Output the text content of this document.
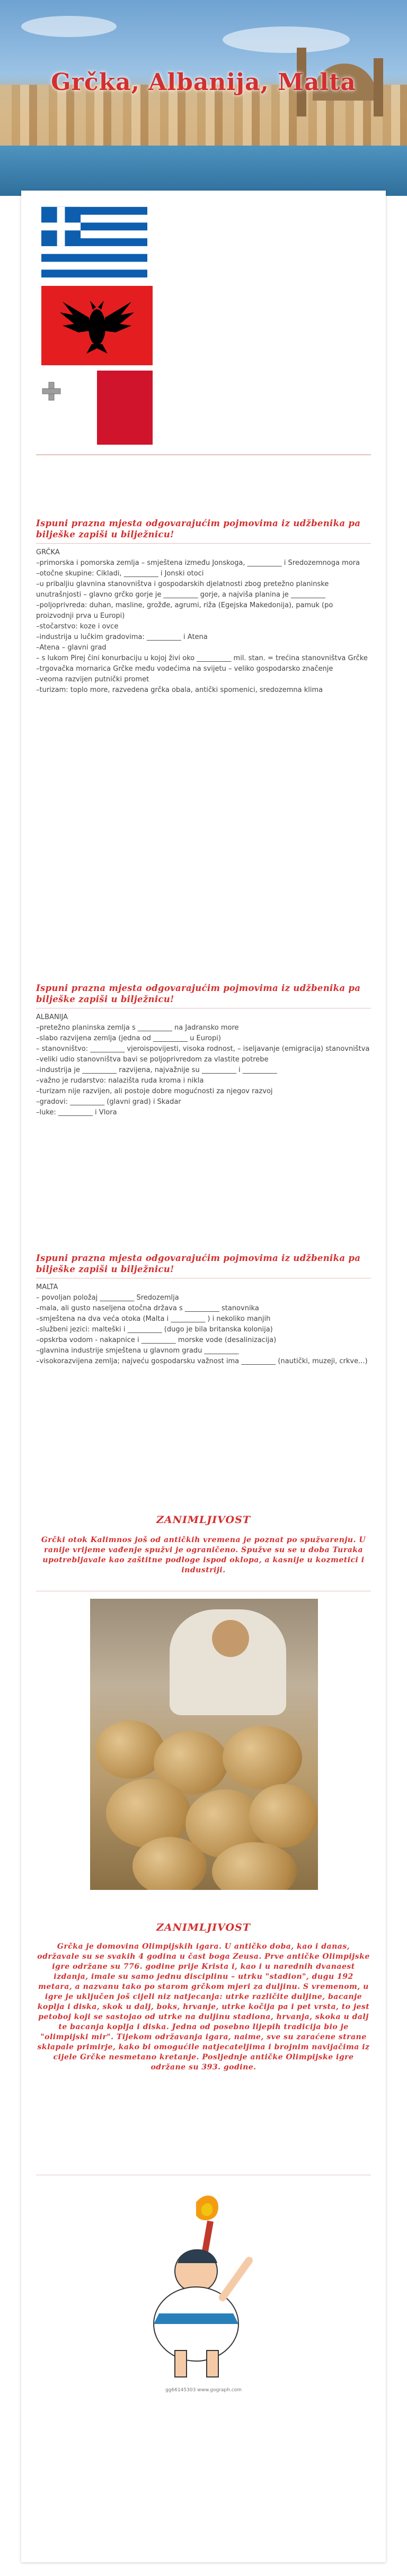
Grčka, Albanija, Malta
Ispuni prazna mjesta odgovarajućim pojmovima iz udžbenika pa bilješke zapiši u bilježnicu!

GRČKA

–primorska i pomorska zemlja – smještena između Jonskoga, __________ i Sredozemnoga mora

–otočne skupine: Cikladi, __________ i Jonski otoci

–u pribaljiu glavnina stanovništva i gospodarskih djelatnosti zbog pretežno planinske unutrašnjosti – glavno grčko gorje je __________ gorje, a najviša planina je __________

–poljoprivreda: duhan, masline, grožđe, agrumi, riža (Egejska Makedonija), pamuk (po proizvodnji prva u Europi)

–stočarstvo: koze i ovce

–industrija u lučkim gradovima: __________ i Atena

–Atena – glavni grad

– s lukom Pirej čini konurbaciju u kojoj živi oko __________ mil. stan. = trećina stanovništva Grčke

–trgovačka mornarica Grčke među vodećima na svijetu – veliko gospodarsko značenje

–veoma razvijen putnički promet

–turizam: toplo more, razvedena grčka obala, antički spomenici, sredozemna klima

Ispuni prazna mjesta odgovarajućim pojmovima iz udžbenika pa bilješke zapiši u bilježnicu!

ALBANIJA

–pretežno planinska zemlja s __________ na Jadransko more

–slabo razvijena zemlja (jedna od __________ u Europi)

– stanovništvo: __________ vjeroispovijesti, visoka rodnost, – iseljavanje (emigracija) stanovništva

–veliki udio stanovništva bavi se poljoprivredom za vlastite potrebe

–industrija je __________ razvijena, najvažnije su __________ i __________

–važno je rudarstvo: nalazišta ruda kroma i nikla

–turizam nije razvijen, ali postoje dobre mogućnosti za njegov razvoj

–gradovi: __________ (glavni grad) i Skadar

–luke: __________ i Vlora

Ispuni prazna mjesta odgovarajućim pojmovima iz udžbenika pa bilješke zapiši u bilježnicu!

MALTA

– povoljan položaj __________ Sredozemlja

–mala, ali gusto naseljena otočna država s __________ stanovnika

–smještena na dva veća otoka (Malta i __________ ) i nekoliko manjih

–službeni jezici: malteški i __________ (dugo je bila britanska kolonija)

–opskrba vodom - nakapnice i __________ morske vode (desalinizacija)

–glavnina industrije smještena u glavnom gradu __________

–visokorazvijena zemlja; najveću gospodarsku važnost ima __________ (nautički, muzeji, crkve...)

ZANIMLJIVOST
Grčki otok Kalimnos još od antičkih vremena je poznat po spužvarenju. U ranije vrijeme vađenje spužvi je ograničeno. Spužve su se u doba Turaka upotrebljavale kao zaštitne podloge ispod oklopa, a kasnije u kozmetici i industriji.
ZANIMLJIVOST
Grčka je domovina Olimpijskih igara. U antičko doba, kao i danas, održavale su se svakih 4 godina u čast boga Zeusa. Prve antičke Olimpijske igre održane su 776. godine prije Krista i, kao i u narednih dvanaest izdanja, imale su samo jednu disciplinu – utrku "stadion", dugu 192 metara, a nazvanu tako po starom grčkom mjeri za duljinu. S vremenom, u igre je uključen još cijeli niz natjecanja: utrke različite duljine, bacanje koplja i diska, skok u dalj, boks, hrvanje, utrke kočija pa i pet vrsta, to jest petoboj koji se sastojao od utrke na duljinu stadiona, hrvanja, skoka u dalj te bacanja koplja i diska. Jedna od posebno lijepih tradicija bio je "olimpijski mir". Tijekom održavanja igara, naime, sve su zaraćene strane sklapale primirje, kako bi omogućile natjecateljima i brojnim navijačima iz cijele Grčke nesmetano kretanje. Posljednje antičke Olimpijske igre održane su 393. godine.
gg66145303 www.gograph.com
